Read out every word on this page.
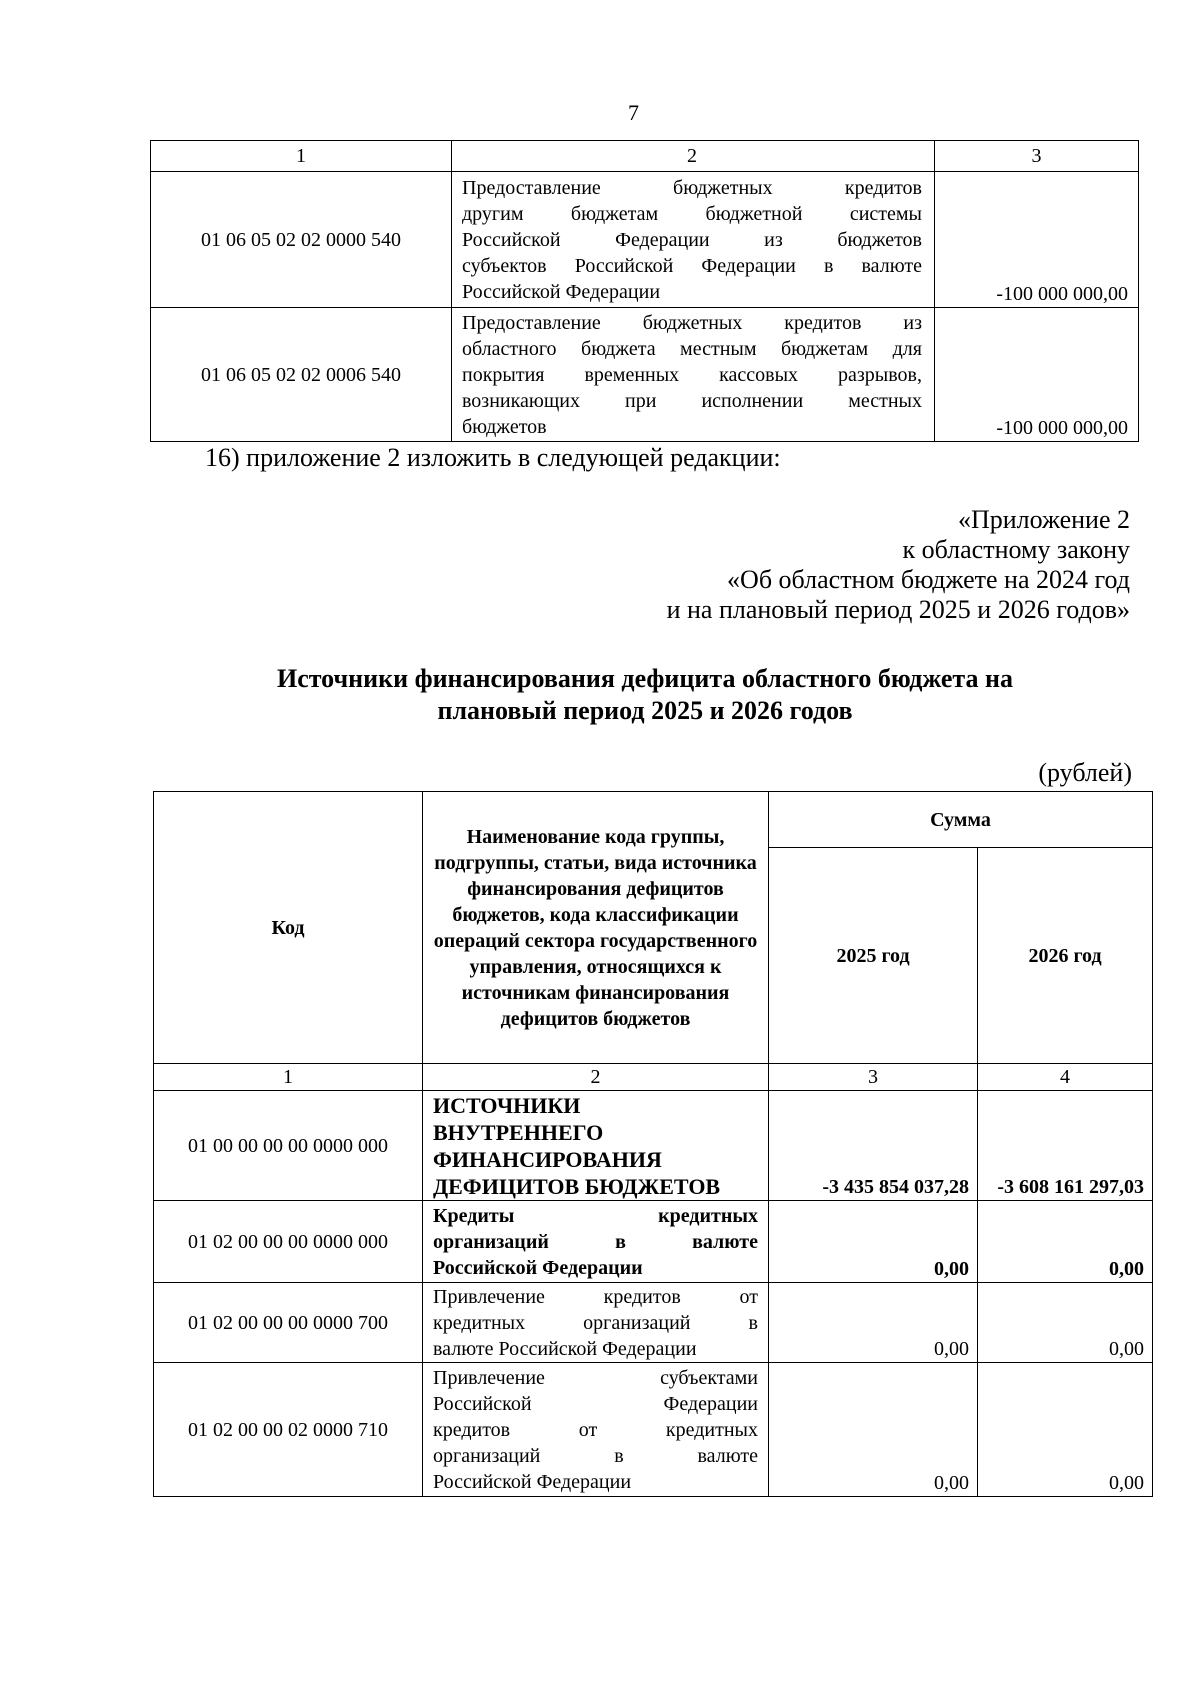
7
1	2	3
01 06 05 02 02 0000 540	Предоставление бюджетных кредитов
другим бюджетам бюджетной системы
Российской Федерации из бюджетов
субъектов Российской Федерации в валюте
Российской Федерации	-100 000 000,00
01 06 05 02 02 0006 540	Предоставление бюджетных кредитов из
областного бюджета местным бюджетам для
покрытия временных кассовых разрывов,
возникающих при исполнении местных
бюджетов	-100 000 000,00
16) приложение 2 изложить в следующей редакции:
«Приложение 2
к областному закону
«Об областном бюджете на 2024 год
и на плановый период 2025 и 2026 годов»
Источники финансирования дефицита областного бюджета на
плановый период 2025 и 2026 годов
(рублей)
Код	Наименование кода группы, подгруппы, статьи, вида источника финансирования дефицитов бюджетов, кода классификации операций сектора государственного управления, относящихся к источникам финансирования дефицитов бюджетов	Сумма	
		2025 год	2026 год
1	2	3	4
01 00 00 00 00 0000 000	ИСТОЧНИКИ
ВНУТРЕННЕГО
ФИНАНСИРОВАНИЯ
ДЕФИЦИТОВ БЮДЖЕТОВ	-3 435 854 037,28	-3 608 161 297,03
01 02 00 00 00 0000 000	Кредиты кредитных
организаций в валюте
Российской Федерации	0,00	0,00
01 02 00 00 00 0000 700	Привлечение кредитов от
кредитных организаций в
валюте Российской Федерации	0,00	0,00
01 02 00 00 02 0000 710	Привлечение субъектами
Российской Федерации
кредитов от кредитных
организаций в валюте
Российской Федерации	0,00	0,00
